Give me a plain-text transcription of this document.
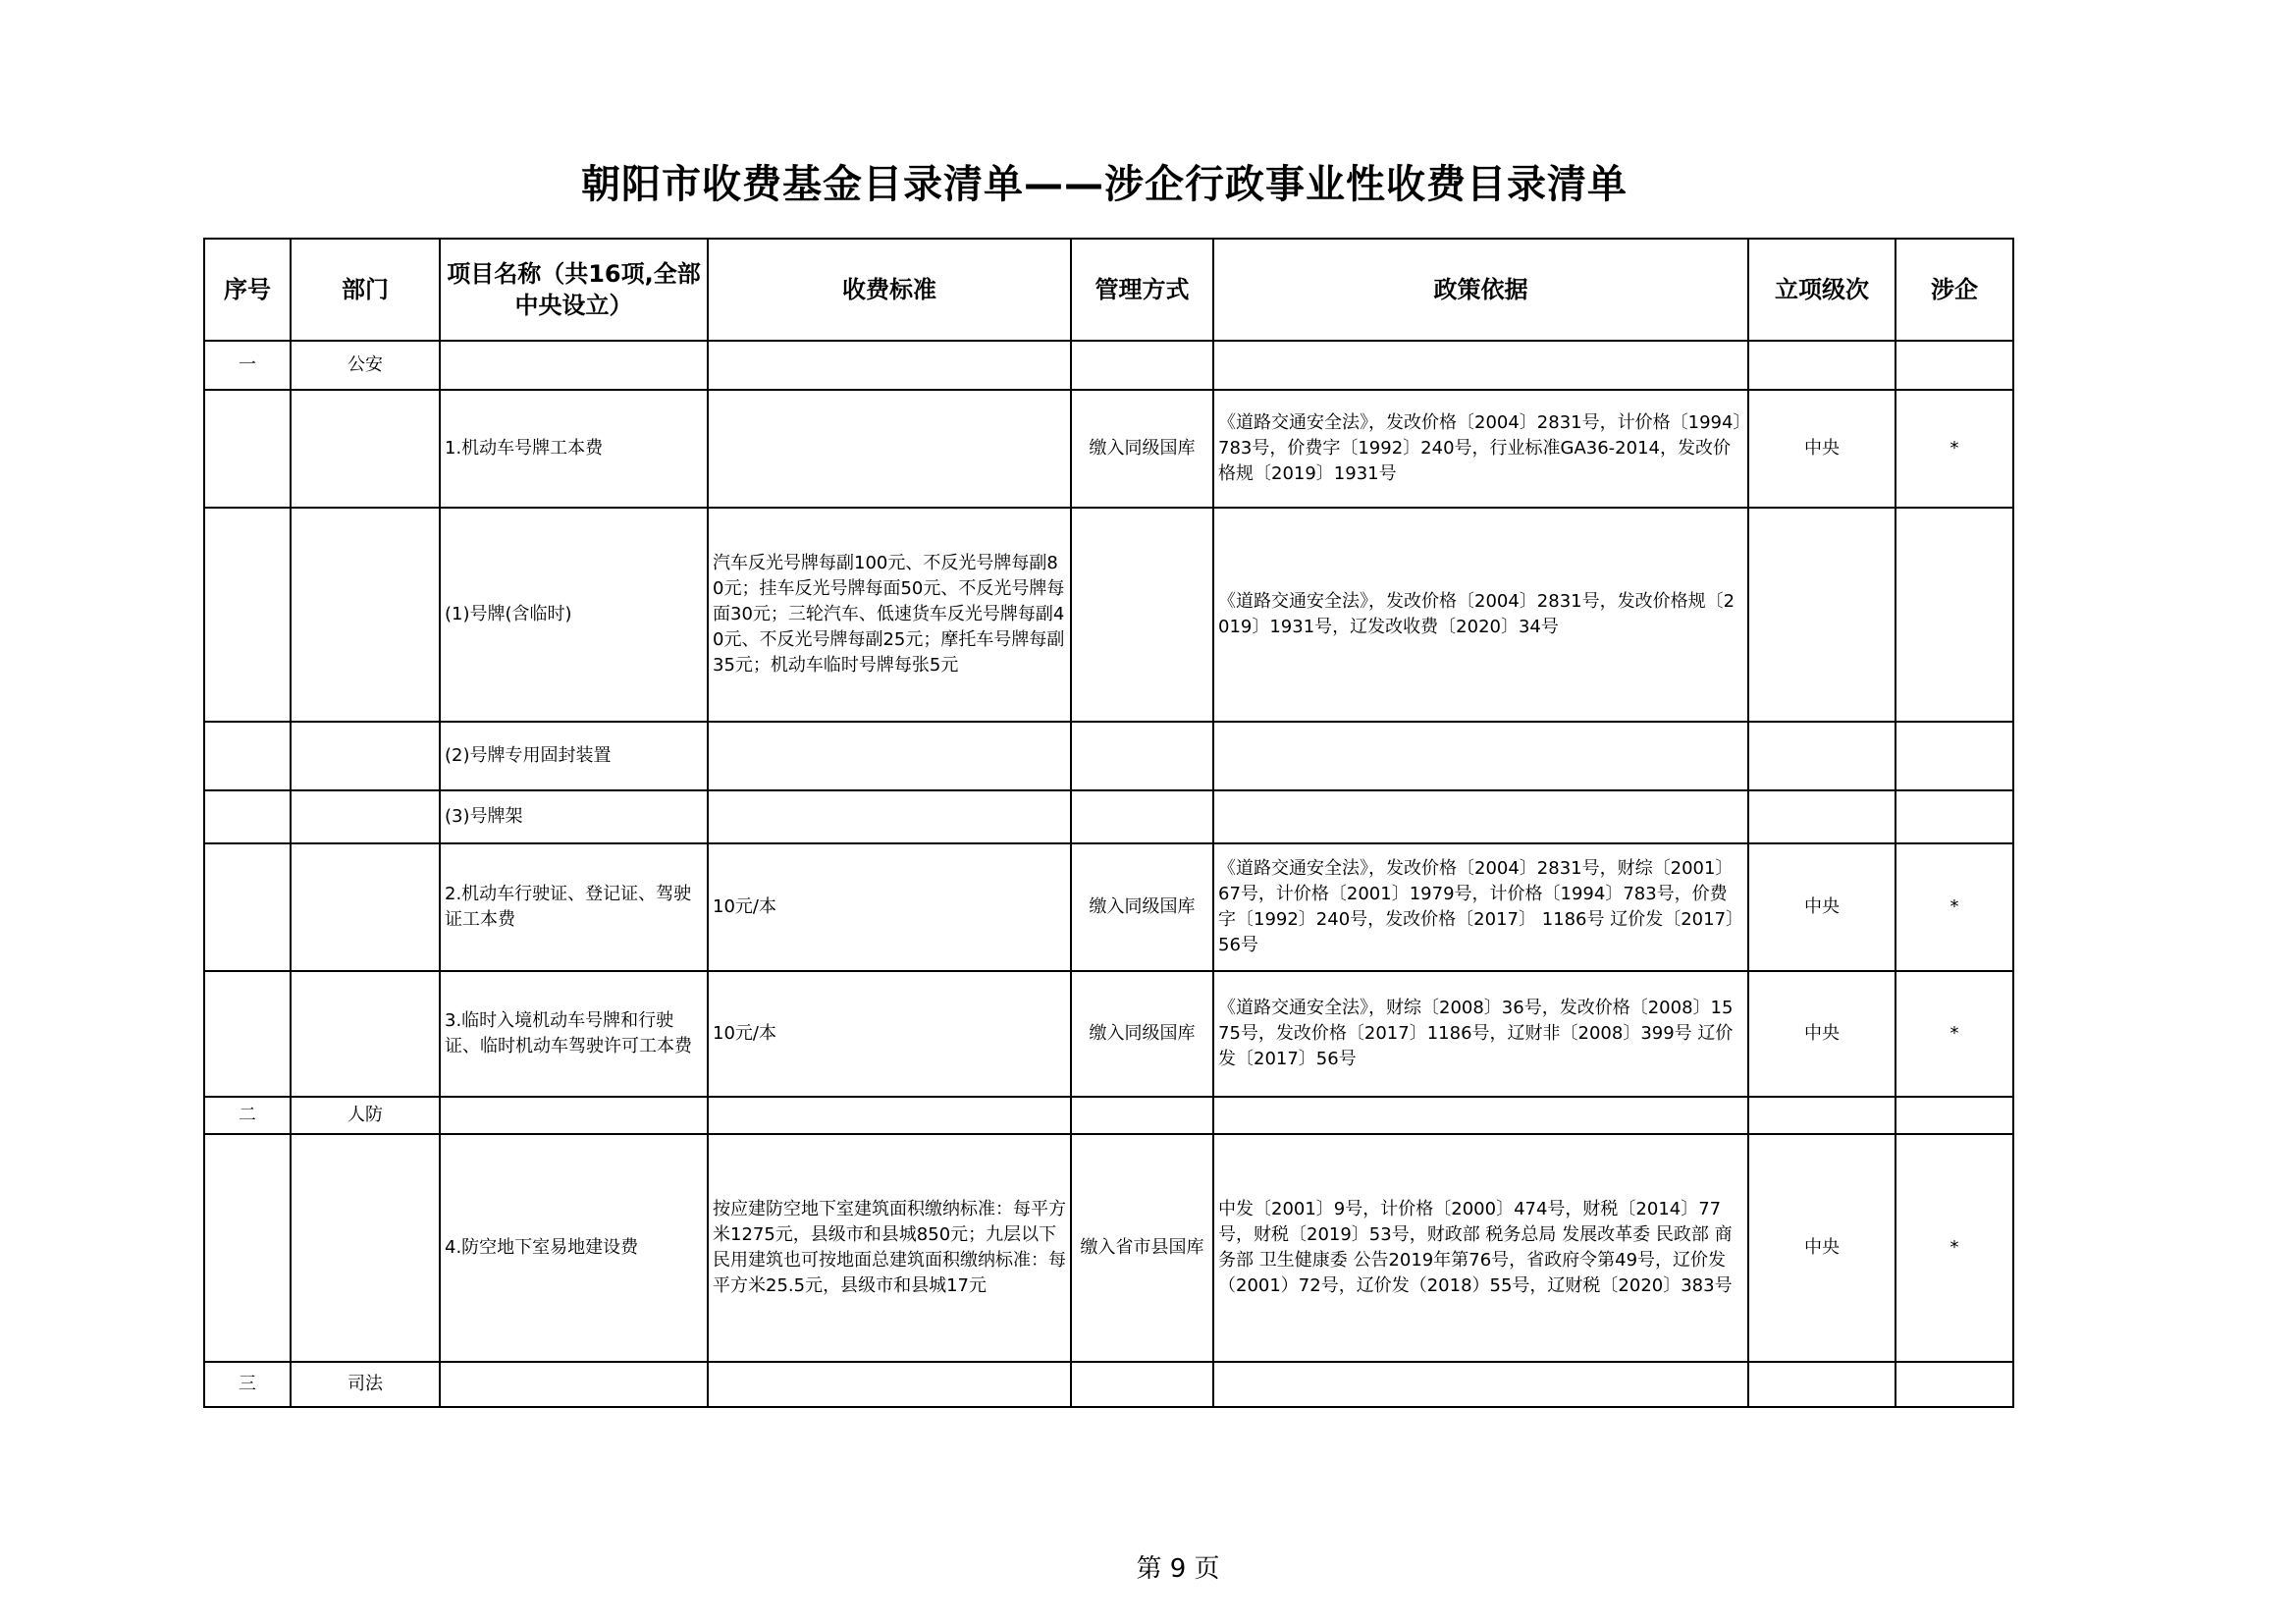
朝阳市收费基金目录清单——涉企行政事业性收费目录清单
序号	部门	项目名称（共16项,全部中央设立）	收费标准	管理方式	政策依据	立项级次	涉企
一	公安						
		1.机动车号牌工本费		缴入同级国库	《道路交通安全法》，发改价格〔2004〕2831号，计价格〔1994〕783号，价费字〔1992〕240号，行业标准GA36-2014，发改价格规〔2019〕1931号	中央	*
		(1)号牌(含临时)	汽车反光号牌每副100元、不反光号牌每副80元；挂车反光号牌每面50元、不反光号牌每面30元；三轮汽车、低速货车反光号牌每副40元、不反光号牌每副25元；摩托车号牌每副35元；机动车临时号牌每张5元		《道路交通安全法》，发改价格〔2004〕2831号，发改价格规〔2019〕1931号，辽发改收费〔2020〕34号		
		(2)号牌专用固封装置					
		(3)号牌架					
		2.机动车行驶证、登记证、驾驶证工本费	10元/本	缴入同级国库	《道路交通安全法》，发改价格〔2004〕2831号，财综〔2001〕67号，计价格〔2001〕1979号，计价格〔1994〕783号，价费字〔1992〕240号，发改价格〔2017〕 1186号 辽价发〔2017〕56号	中央	*
		3.临时入境机动车号牌和行驶证、临时机动车驾驶许可工本费	10元/本	缴入同级国库	《道路交通安全法》，财综〔2008〕36号，发改价格〔2008〕1575号，发改价格〔2017〕1186号，辽财非〔2008〕399号 辽价发〔2017〕56号	中央	*
二	人防						
		4.防空地下室易地建设费	按应建防空地下室建筑面积缴纳标准：每平方米1275元，县级市和县城850元；九层以下民用建筑也可按地面总建筑面积缴纳标准：每平方米25.5元，县级市和县城17元	缴入省市县国库	中发〔2001〕9号，计价格〔2000〕474号，财税〔2014〕77号，财税〔2019〕53号，财政部 税务总局 发展改革委 民政部 商务部 卫生健康委 公告2019年第76号，省政府令第49号，辽价发（2001）72号，辽价发（2018）55号，辽财税〔2020〕383号	中央	*
三	司法						
第 9 页
